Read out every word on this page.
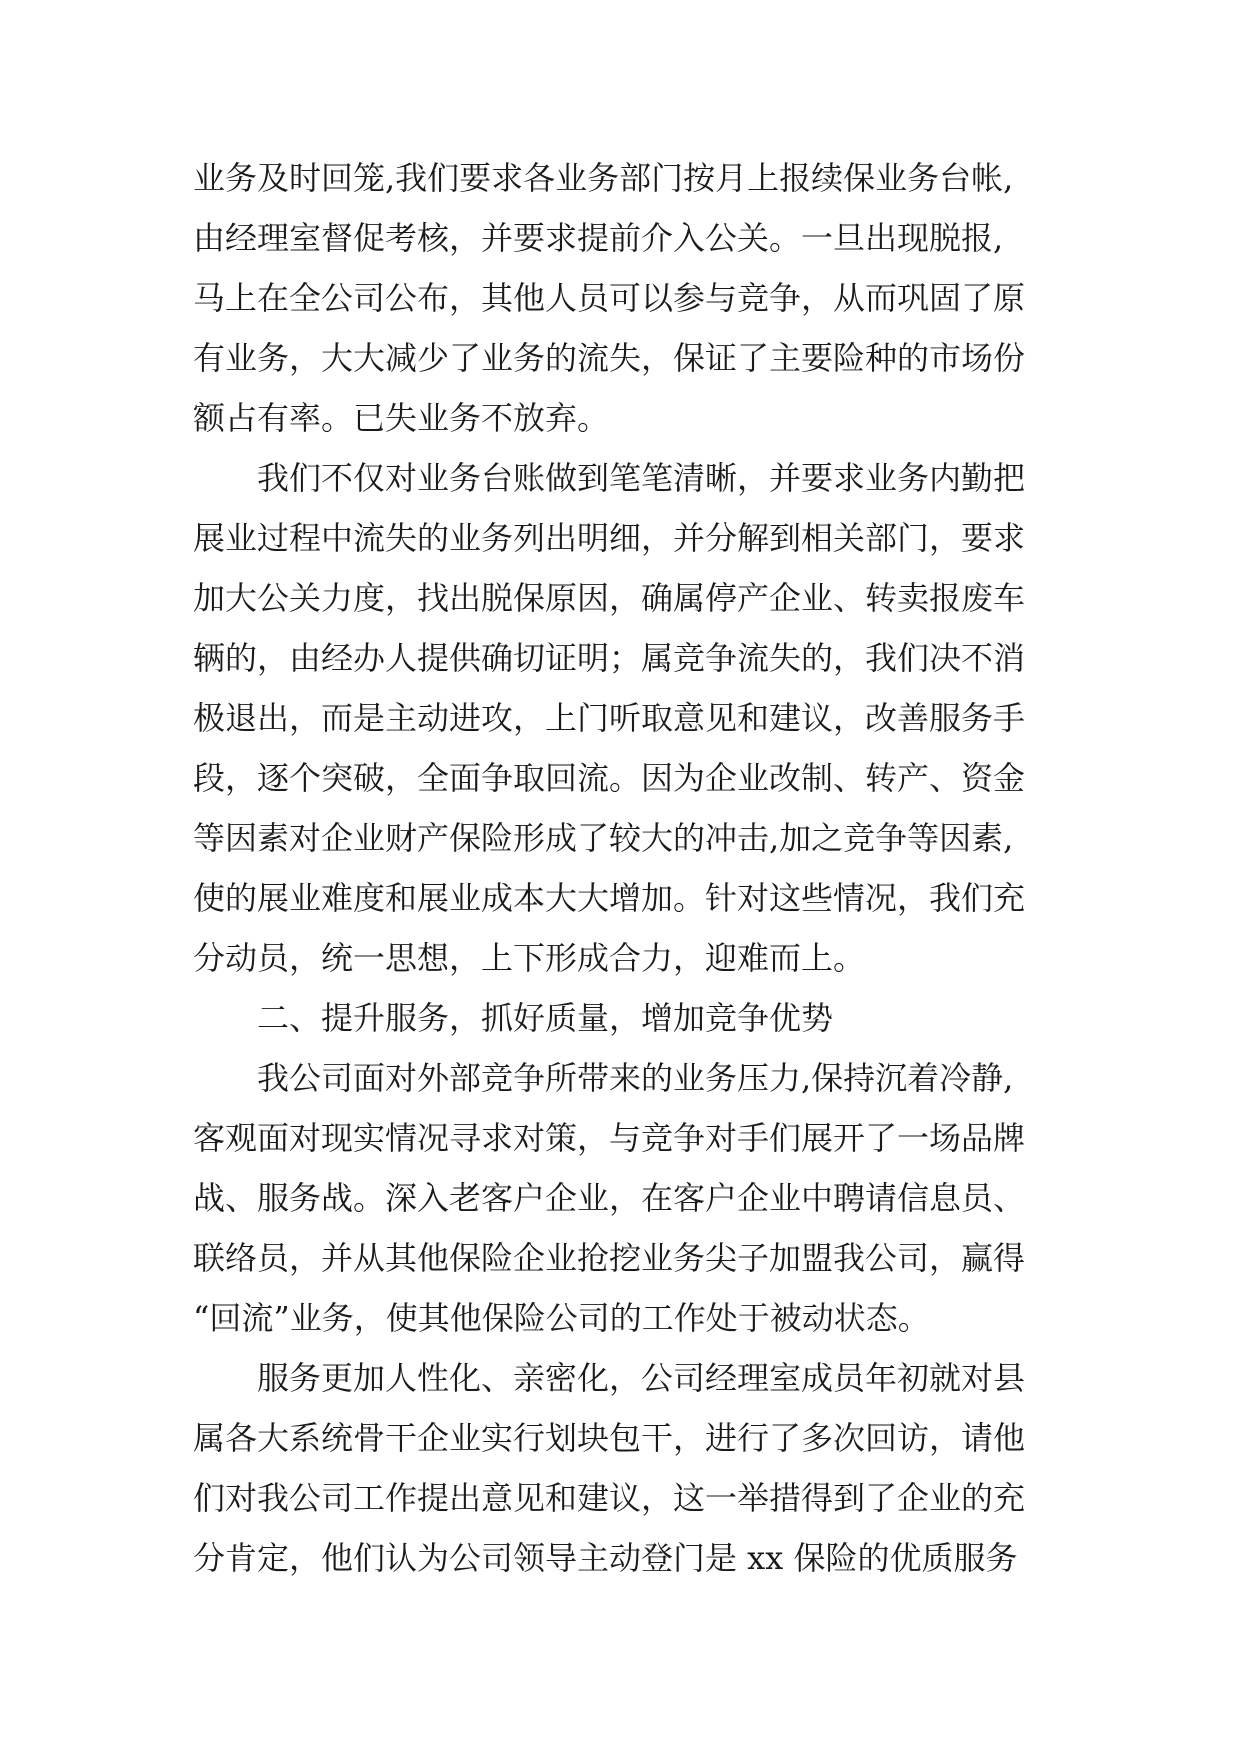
业务及时回笼,我们要求各业务部门按月上报续保业务台帐,
由经理室督促考核，并要求提前介入公关。一旦出现脱报,
马上在全公司公布，其他人员可以参与竞争，从而巩固了原
有业务，大大减少了业务的流失，保证了主要险种的市场份
额占有率。已失业务不放弃。
我们不仅对业务台账做到笔笔清晰，并要求业务内勤把
展业过程中流失的业务列出明细，并分解到相关部门，要求
加大公关力度，找出脱保原因，确属停产企业、转卖报废车
辆的，由经办人提供确切证明；属竞争流失的，我们决不消
极退出，而是主动进攻，上门听取意见和建议，改善服务手
段，逐个突破，全面争取回流。因为企业改制、转产、资金
等因素对企业财产保险形成了较大的冲击,加之竞争等因素,
使的展业难度和展业成本大大增加。针对这些情况，我们充
分动员，统一思想，上下形成合力，迎难而上。
二、提升服务，抓好质量，增加竞争优势
我公司面对外部竞争所带来的业务压力,保持沉着冷静,
客观面对现实情况寻求对策，与竞争对手们展开了一场品牌
战、服务战。深入老客户企业，在客户企业中聘请信息员、
联络员，并从其他保险企业抢挖业务尖子加盟我公司，赢得
“回流”业务，使其他保险公司的工作处于被动状态。
服务更加人性化、亲密化，公司经理室成员年初就对县
属各大系统骨干企业实行划块包干，进行了多次回访，请他
们对我公司工作提出意见和建议，这一举措得到了企业的充
分肯定，他们认为公司领导主动登门是 xx 保险的优质服务
